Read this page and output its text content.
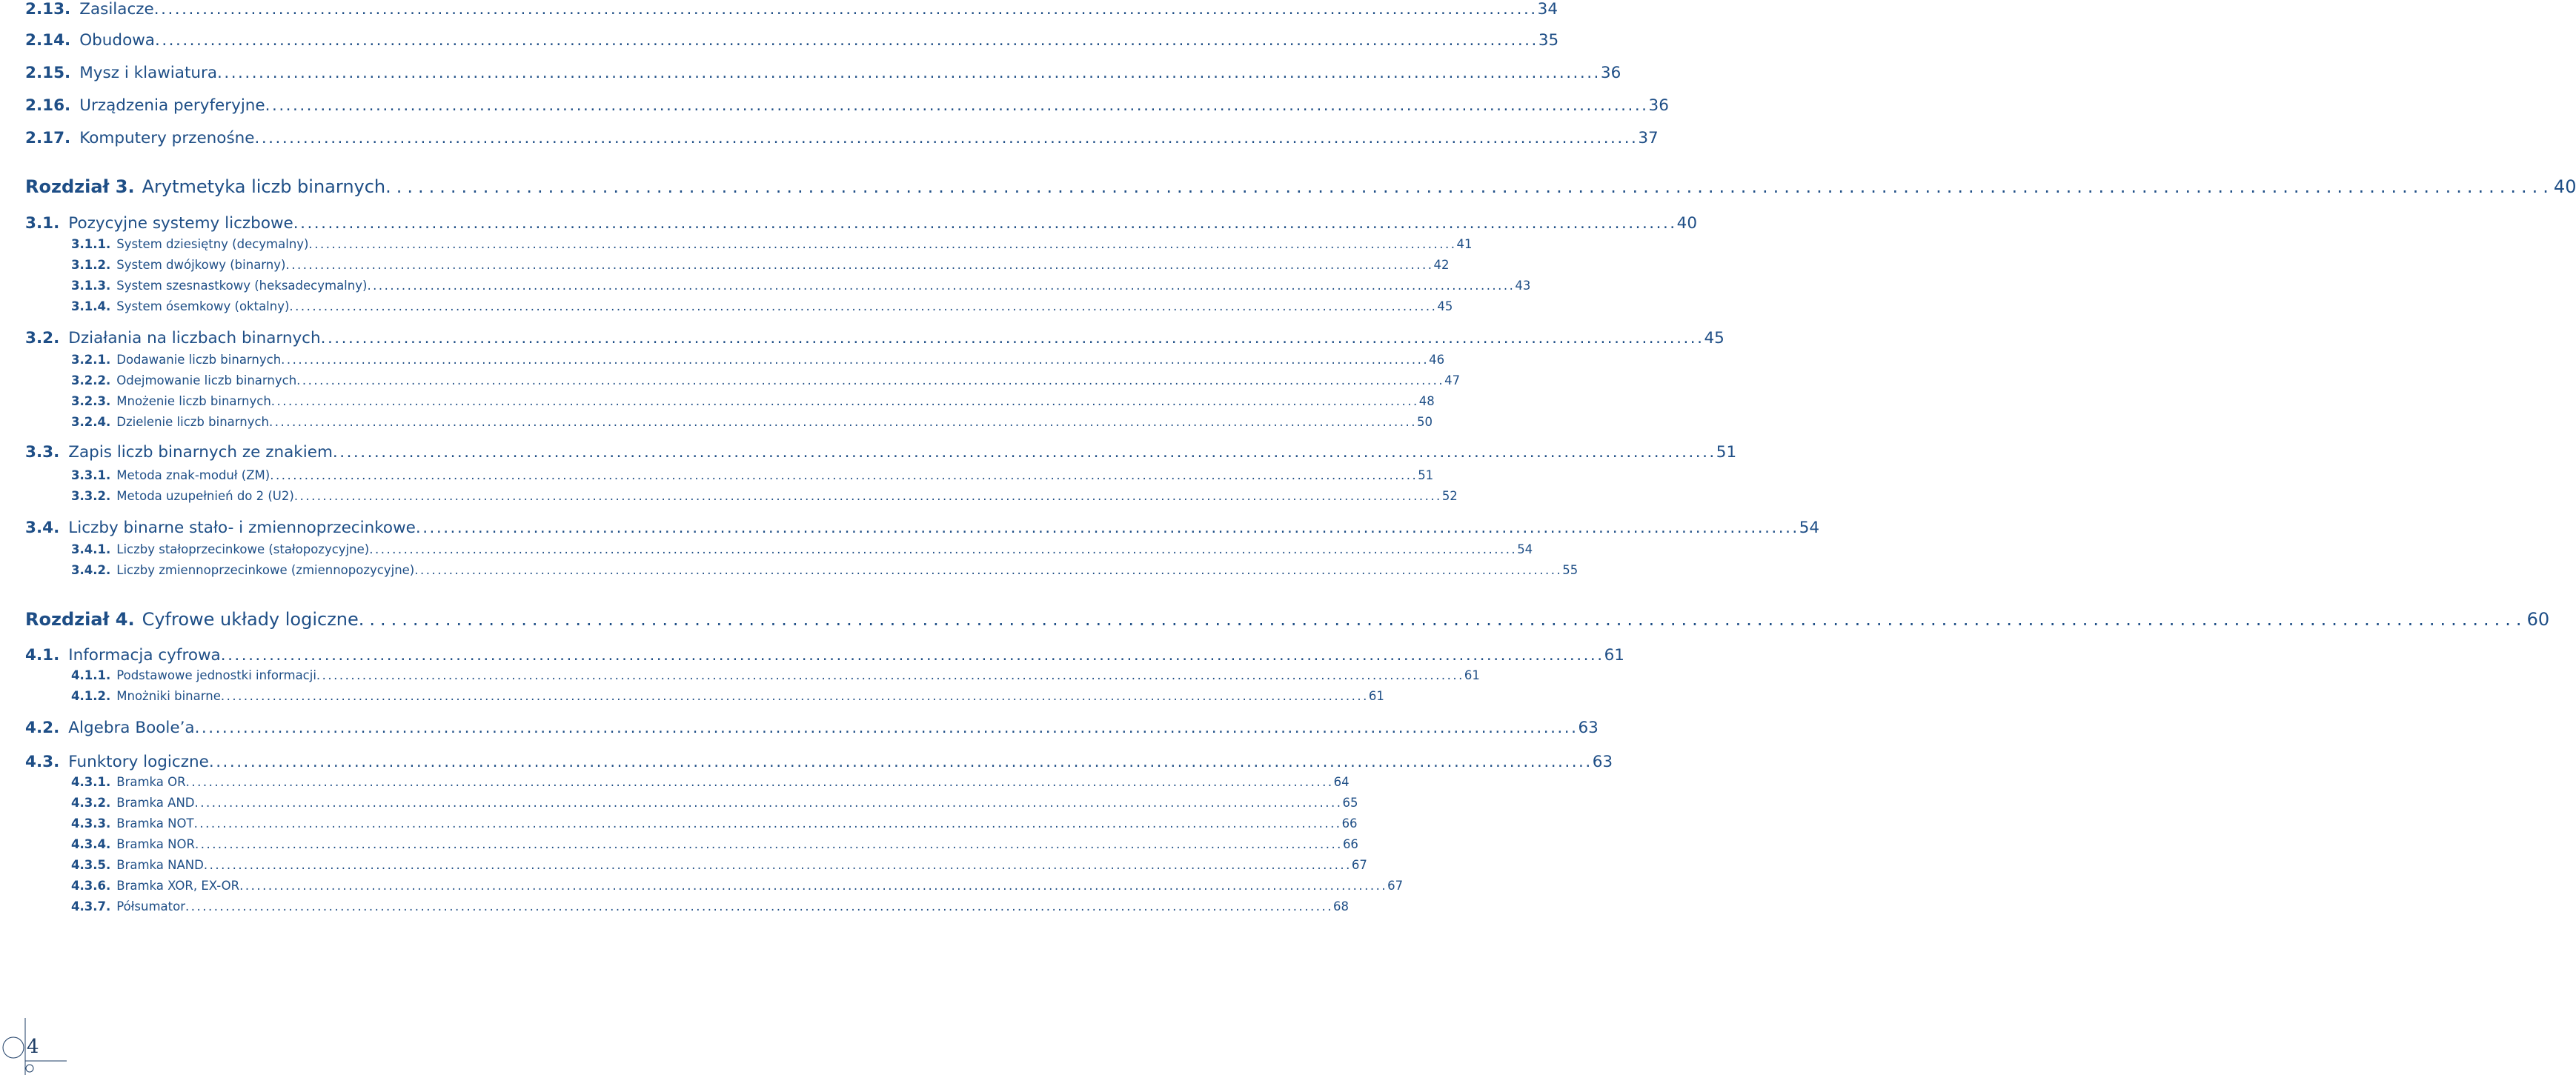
2.13. Zasilacze ........................................................................................................................................................................................................ 34
2.14. Obudowa ........................................................................................................................................................................................................ 35
2.15. Mysz i klawiatura ........................................................................................................................................................................................................ 36
2.16. Urządzenia peryferyjne ........................................................................................................................................................................................................ 36
2.17. Komputery przenośne ........................................................................................................................................................................................................ 37
Rozdział 3. Arytmetyka liczb binarnych ........................................................................................................................................................................................................ 40
3.1. Pozycyjne systemy liczbowe ........................................................................................................................................................................................................ 40
3.1.1. System dziesiętny (decymalny) ........................................................................................................................................................................................................ 41
3.1.2. System dwójkowy (binarny) ........................................................................................................................................................................................................ 42
3.1.3. System szesnastkowy (heksadecymalny) ........................................................................................................................................................................................................ 43
3.1.4. System ósemkowy (oktalny) ........................................................................................................................................................................................................ 45
3.2. Działania na liczbach binarnych ........................................................................................................................................................................................................ 45
3.2.1. Dodawanie liczb binarnych ........................................................................................................................................................................................................ 46
3.2.2. Odejmowanie liczb binarnych ........................................................................................................................................................................................................ 47
3.2.3. Mnożenie liczb binarnych ........................................................................................................................................................................................................ 48
3.2.4. Dzielenie liczb binarnych ........................................................................................................................................................................................................ 50
3.3. Zapis liczb binarnych ze znakiem ........................................................................................................................................................................................................ 51
3.3.1. Metoda znak-moduł (ZM) ........................................................................................................................................................................................................ 51
3.3.2. Metoda uzupełnień do 2 (U2) ........................................................................................................................................................................................................ 52
3.4. Liczby binarne stało- i zmiennoprzecinkowe ........................................................................................................................................................................................................ 54
3.4.1. Liczby stałoprzecinkowe (stałopozycyjne) ........................................................................................................................................................................................................ 54
3.4.2. Liczby zmiennoprzecinkowe (zmiennopozycyjne) ........................................................................................................................................................................................................ 55
Rozdział 4. Cyfrowe układy logiczne ........................................................................................................................................................................................................ 60
4.1. Informacja cyfrowa ........................................................................................................................................................................................................ 61
4.1.1. Podstawowe jednostki informacji ........................................................................................................................................................................................................ 61
4.1.2. Mnożniki binarne ........................................................................................................................................................................................................ 61
4.2. Algebra Boole’a ........................................................................................................................................................................................................ 63
4.3. Funktory logiczne ........................................................................................................................................................................................................ 63
4.3.1. Bramka OR ........................................................................................................................................................................................................ 64
4.3.2. Bramka AND ........................................................................................................................................................................................................ 65
4.3.3. Bramka NOT ........................................................................................................................................................................................................ 66
4.3.4. Bramka NOR ........................................................................................................................................................................................................ 66
4.3.5. Bramka NAND ........................................................................................................................................................................................................ 67
4.3.6. Bramka XOR, EX-OR ........................................................................................................................................................................................................ 67
4.3.7. Półsumator ........................................................................................................................................................................................................ 68
4
